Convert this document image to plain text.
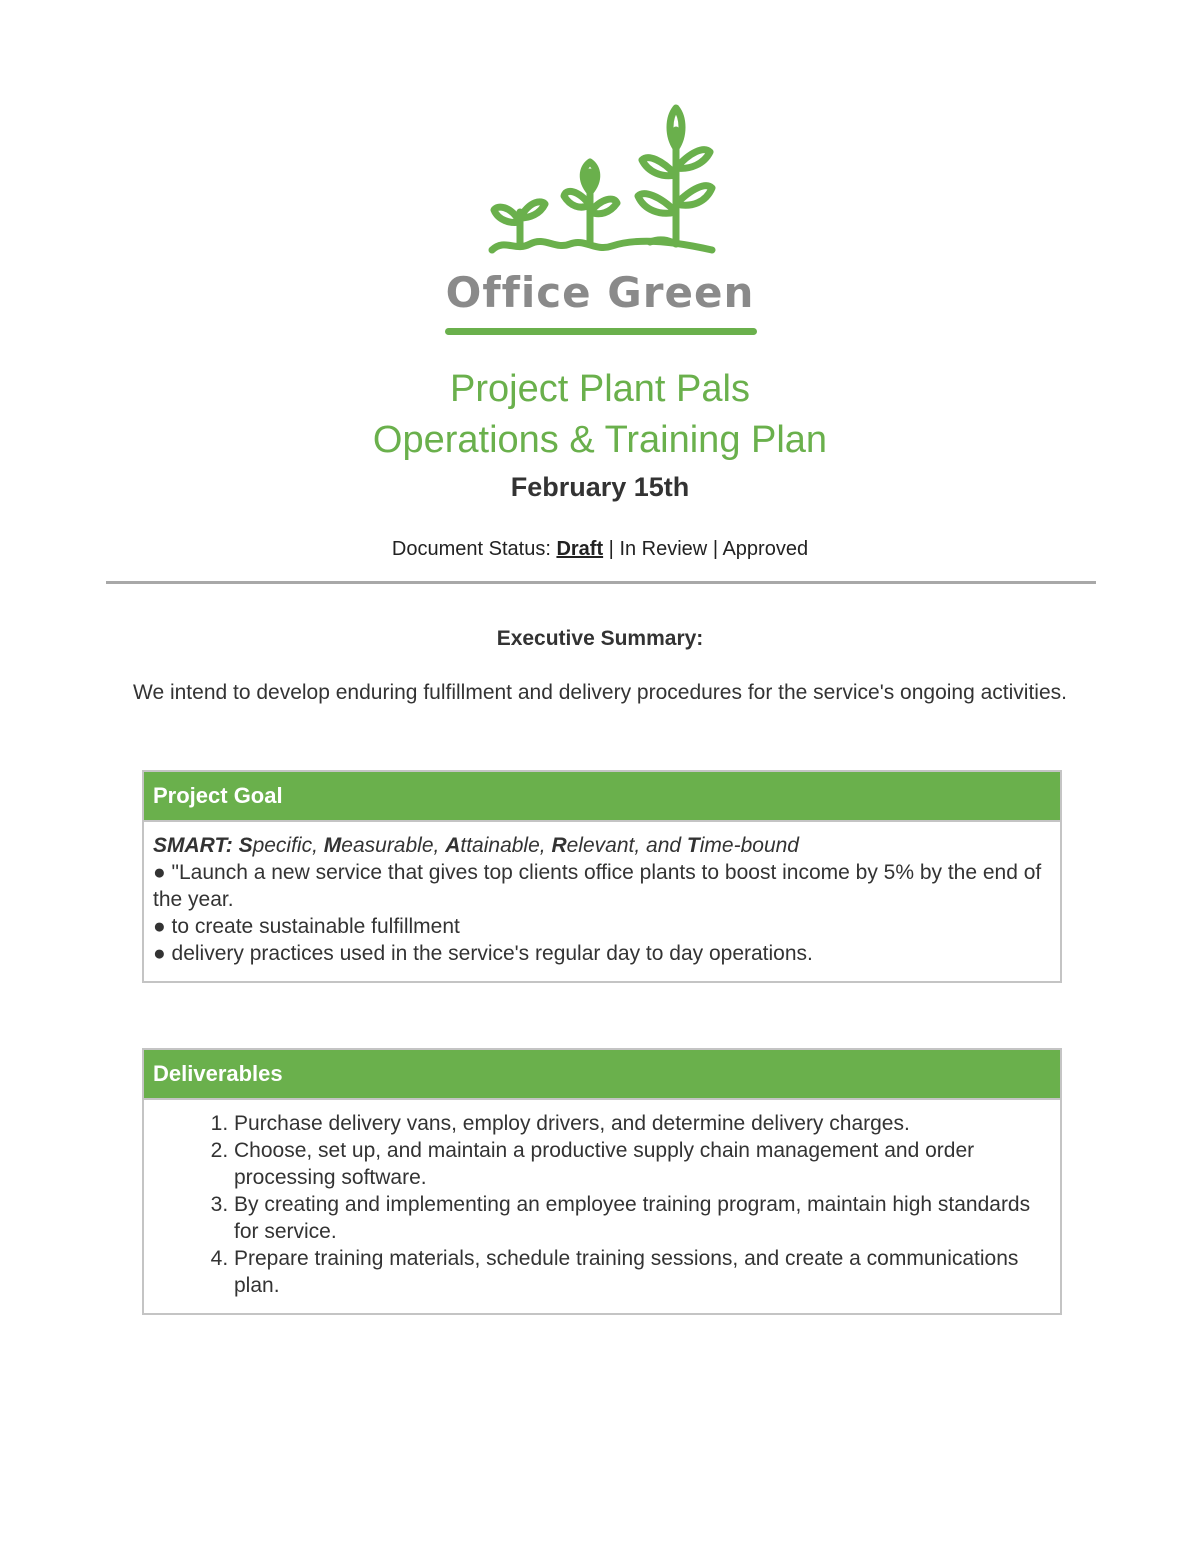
Office Green
Project Plant Pals
Operations & Training Plan
February 15th
Document Status: Draft | In Review | Approved
Executive Summary:
We intend to develop enduring fulfillment and delivery procedures for the service's ongoing activities.
Project Goal
SMART: Specific, Measurable, Attainable, Relevant, and Time-bound
● "Launch a new service that gives top clients office plants to boost income by 5% by the end of the year.
● to create sustainable fulfillment
● delivery practices used in the service's regular day to day operations.
Deliverables
1. Purchase delivery vans, employ drivers, and determine delivery charges.
2. Choose, set up, and maintain a productive supply chain management and order processing software.
3. By creating and implementing an employee training program, maintain high standards for service.
4. Prepare training materials, schedule training sessions, and create a communications plan.
